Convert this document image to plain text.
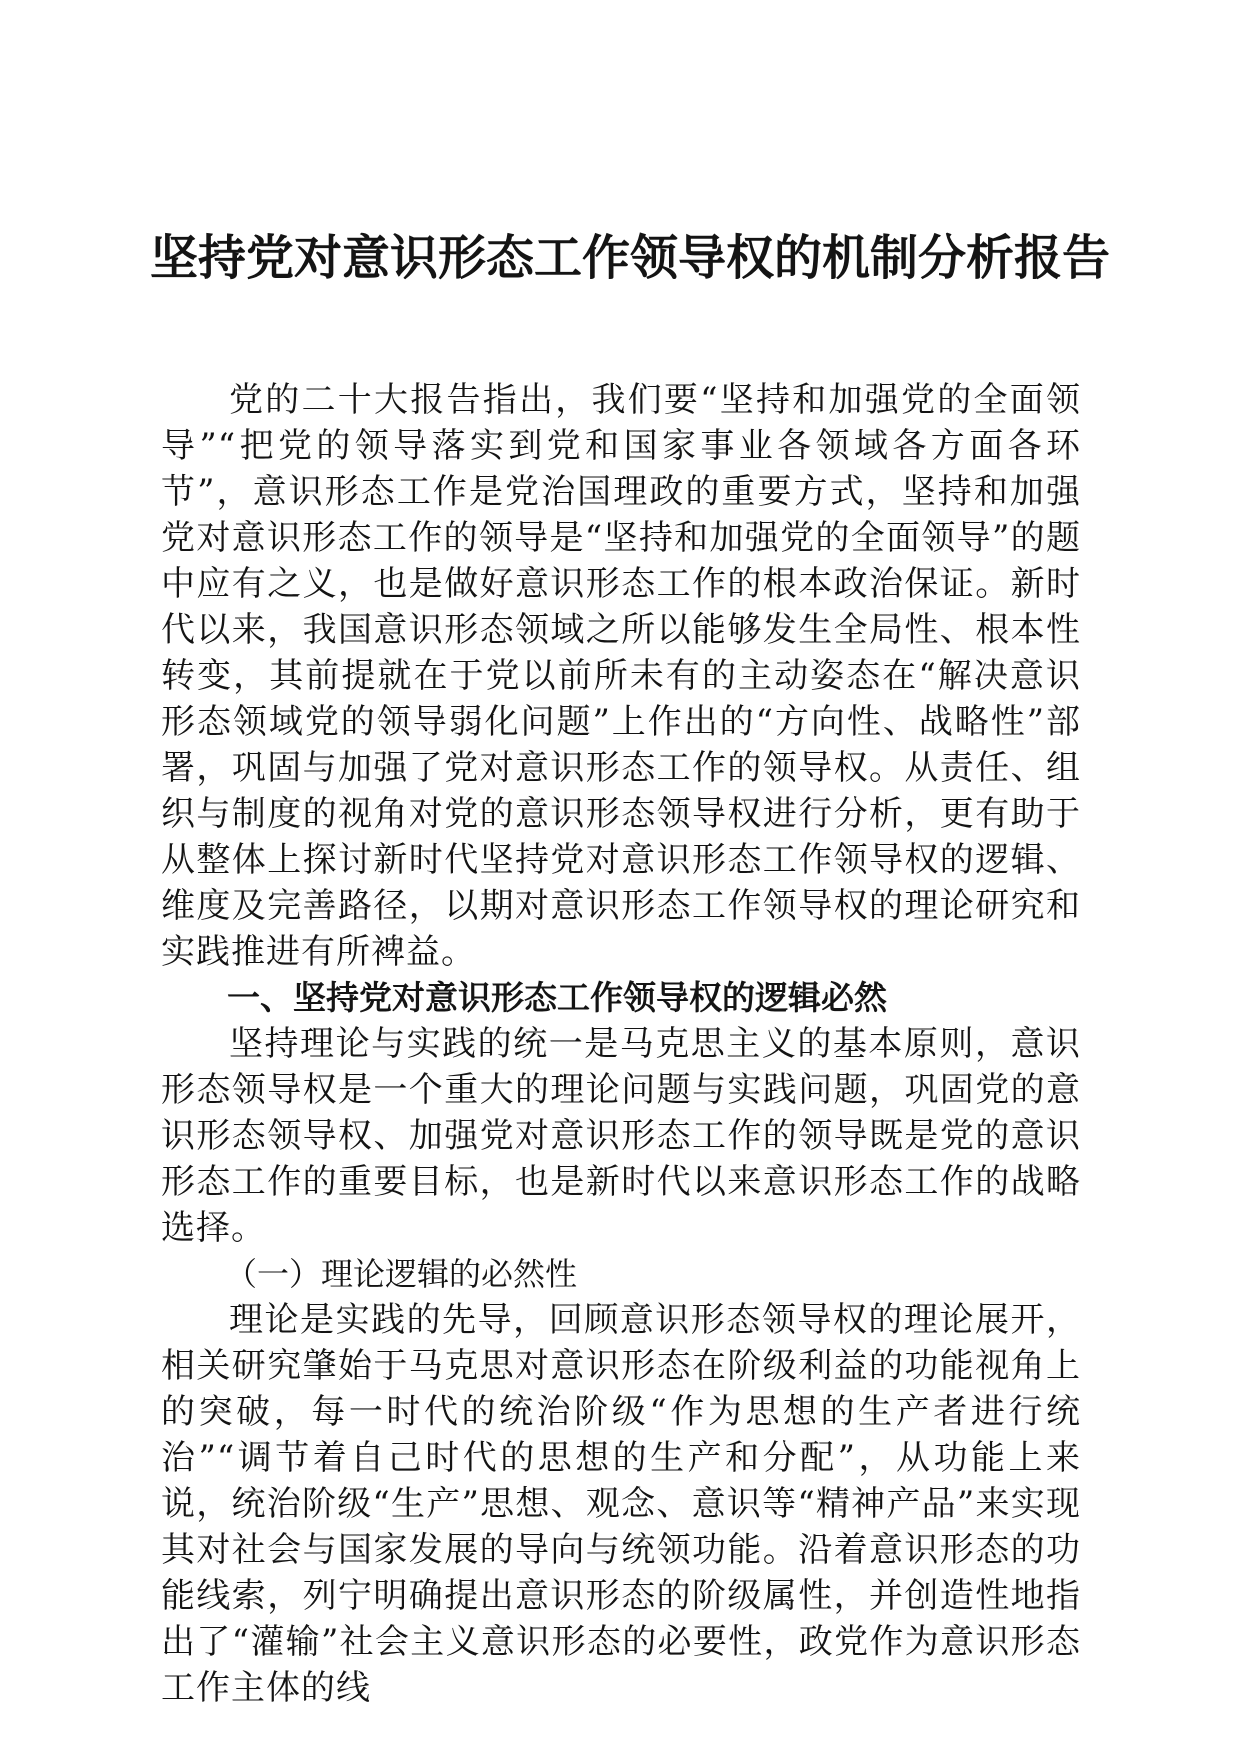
坚持党对意识形态工作领导权的机制分析报告

党的二十大报告指出，我们要“坚持和加强党的全面领导”“把党的领导落实到党和国家事业各领域各方面各环节”，意识形态工作是党治国理政的重要方式，坚持和加强党对意识形态工作的领导是“坚持和加强党的全面领导”的题中应有之义，也是做好意识形态工作的根本政治保证。新时代以来，我国意识形态领域之所以能够发生全局性、根本性转变，其前提就在于党以前所未有的主动姿态在“解决意识形态领域党的领导弱化问题”上作出的“方向性、战略性”部署，巩固与加强了党对意识形态工作的领导权。从责任、组织与制度的视角对党的意识形态领导权进行分析，更有助于从整体上探讨新时代坚持党对意识形态工作领导权的逻辑、维度及完善路径，以期对意识形态工作领导权的理论研究和实践推进有所裨益。

一、坚持党对意识形态工作领导权的逻辑必然

坚持理论与实践的统一是马克思主义的基本原则，意识形态领导权是一个重大的理论问题与实践问题，巩固党的意识形态领导权、加强党对意识形态工作的领导既是党的意识形态工作的重要目标，也是新时代以来意识形态工作的战略选择。

（一）理论逻辑的必然性

理论是实践的先导，回顾意识形态领导权的理论展开，相关研究肇始于马克思对意识形态在阶级利益的功能视角上的突破，每一时代的统治阶级“作为思想的生产者进行统治”“调节着自己时代的思想的生产和分配”，从功能上来说，统治阶级“生产”思想、观念、意识等“精神产品”来实现其对社会与国家发展的导向与统领功能。沿着意识形态的功能线索，列宁明确提出意识形态的阶级属性，并创造性地指出了“灌输”社会主义意识形态的必要性，政党作为意识形态工作主体的线
